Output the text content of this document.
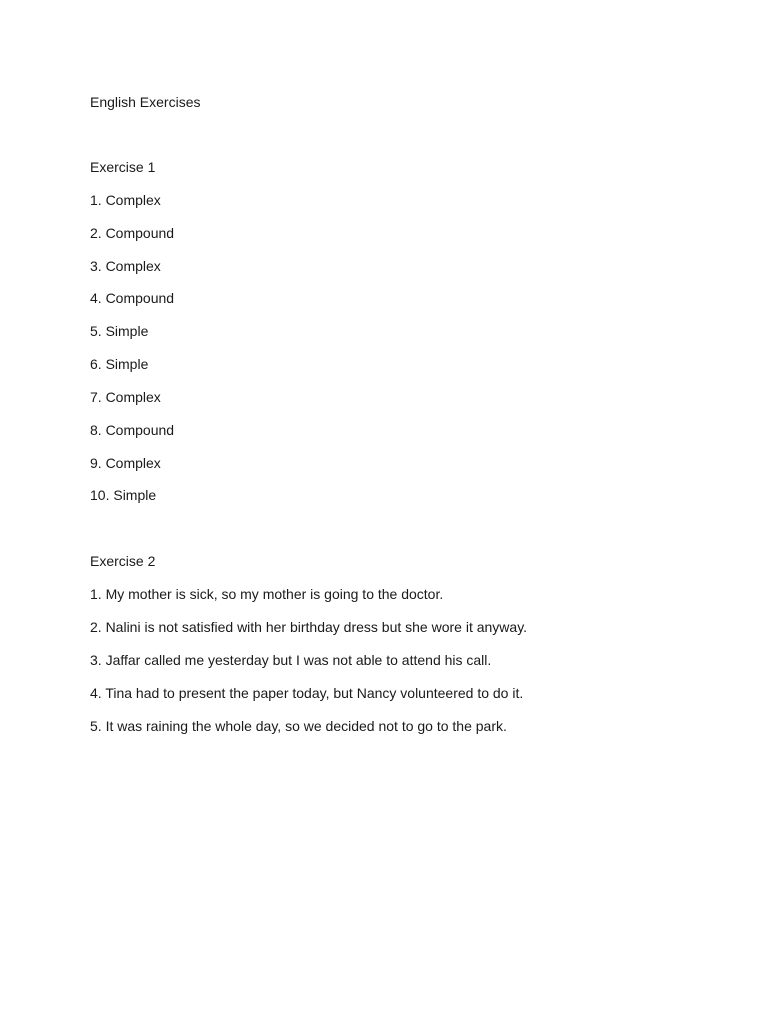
English Exercises
Exercise 1
1. Complex
2. Compound
3. Complex
4. Compound
5. Simple
6. Simple
7. Complex
8. Compound
9. Complex
10. Simple
Exercise 2
1. My mother is sick, so my mother is going to the doctor.
2. Nalini is not satisfied with her birthday dress but she wore it anyway.
3. Jaffar called me yesterday but I was not able to attend his call.
4. Tina had to present the paper today, but Nancy volunteered to do it.
5. It was raining the whole day, so we decided not to go to the park.
